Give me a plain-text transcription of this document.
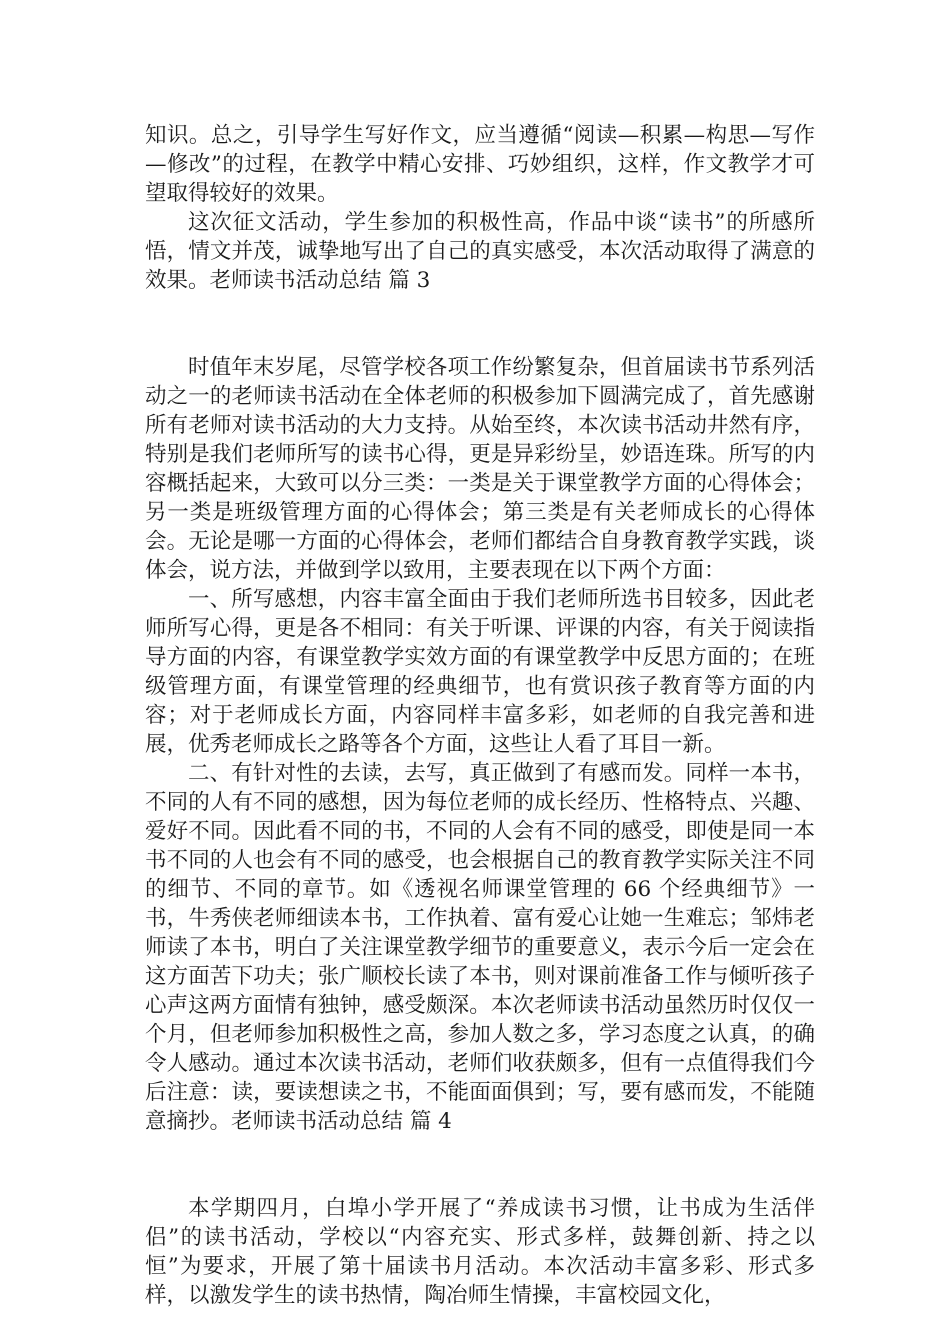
知识。总之，引导学生写好作文，应当遵循“阅读—积累—构思—写作—修改”的过程，在教学中精心安排、巧妙组织，这样，作文教学才可望取得较好的效果。

这次征文活动，学生参加的积极性高，作品中谈“读书”的所感所悟，情文并茂，诚挚地写出了自己的真实感受，本次活动取得了满意的效果。老师读书活动总结 篇 3

时值年末岁尾，尽管学校各项工作纷繁复杂，但首届读书节系列活动之一的老师读书活动在全体老师的积极参加下圆满完成了，首先感谢所有老师对读书活动的大力支持。从始至终，本次读书活动井然有序，特别是我们老师所写的读书心得，更是异彩纷呈，妙语连珠。所写的内容概括起来，大致可以分三类：一类是关于课堂教学方面的心得体会；另一类是班级管理方面的心得体会；第三类是有关老师成长的心得体会。无论是哪一方面的心得体会，老师们都结合自身教育教学实践，谈体会，说方法，并做到学以致用，主要表现在以下两个方面：

一、所写感想，内容丰富全面由于我们老师所选书目较多，因此老师所写心得，更是各不相同：有关于听课、评课的内容，有关于阅读指导方面的内容，有课堂教学实效方面的有课堂教学中反思方面的；在班级管理方面，有课堂管理的经典细节，也有赏识孩子教育等方面的内容；对于老师成长方面，内容同样丰富多彩，如老师的自我完善和进展，优秀老师成长之路等各个方面，这些让人看了耳目一新。

二、有针对性的去读，去写，真正做到了有感而发。同样一本书，不同的人有不同的感想，因为每位老师的成长经历、性格特点、兴趣、爱好不同。因此看不同的书，不同的人会有不同的感受，即使是同一本书不同的人也会有不同的感受，也会根据自己的教育教学实际关注不同的细节、不同的章节。如《透视名师课堂管理的 66 个经典细节》一书，牛秀侠老师细读本书，工作执着、富有爱心让她一生难忘；邹炜老师读了本书，明白了关注课堂教学细节的重要意义，表示今后一定会在这方面苦下功夫；张广顺校长读了本书，则对课前准备工作与倾听孩子心声这两方面情有独钟，感受颇深。本次老师读书活动虽然历时仅仅一个月，但老师参加积极性之高，参加人数之多，学习态度之认真，的确令人感动。通过本次读书活动，老师们收获颇多，但有一点值得我们今后注意：读，要读想读之书，不能面面俱到；写，要有感而发，不能随意摘抄。老师读书活动总结 篇 4

本学期四月，白埠小学开展了“养成读书习惯，让书成为生活伴侣”的读书活动，学校以“内容充实、形式多样，鼓舞创新、持之以恒”为要求，开展了第十届读书月活动。本次活动丰富多彩、形式多样，以激发学生的读书热情，陶冶师生情操，丰富校园文化，
